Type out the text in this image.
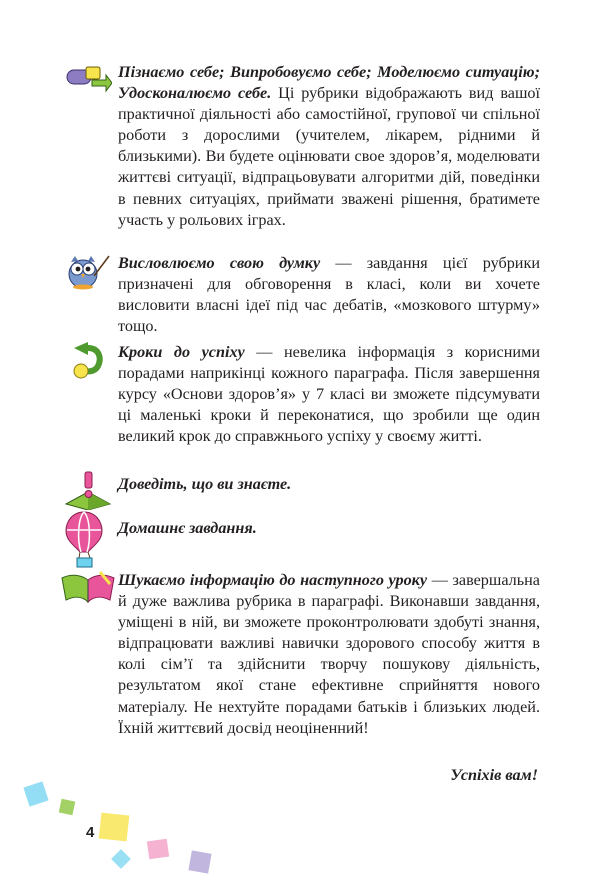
Пізнаємо себе; Випробовуємо себе; Моделюємо ситуацію; Удосконалюємо себе. Ці рубрики відображають вид вашої практичної діяльності або самостійної, групової чи спільної роботи з дорослими (учителем, лікарем, рідними й близькими). Ви будете оцінювати свое здоров’я, моделювати життєві ситуації, відпрацьовувати алгоритми дій, поведінки в певних ситуаціях, приймати зважені рішення, братимете участь у рольових іграх.

Висловлюємо свою думку — завдання цієї рубрики призначені для обговорення в класі, коли ви хочете висловити власні ідеї під час дебатів, «мозкового штурму» тощо.

Кроки до успіху — невелика інформація з корисними порадами наприкінці кожного параграфа. Після завершення курсу «Основи здоров’я» у 7 класі ви зможете підсумувати ці маленькі кроки й переконатися, що зробили ще один великий крок до справжнього успіху у своєму житті.

Доведіть, що ви знаєте.

Домашнє завдання.

Шукаємо інформацію до наступного уроку — завершальна й дуже важлива рубрика в параграфі. Виконавши завдання, уміщені в ній, ви зможете проконтролювати здобуті знання, відпрацювати важливі навички здорового способу життя в колі сім’ї та здійснити творчу пошукову діяльність, результатом якої стане ефективне сприйняття нового матеріалу. Не нехтуйте порадами батьків і близьких людей. Їхній життєвий досвід неоціненний!

Успіхів вам!
4
